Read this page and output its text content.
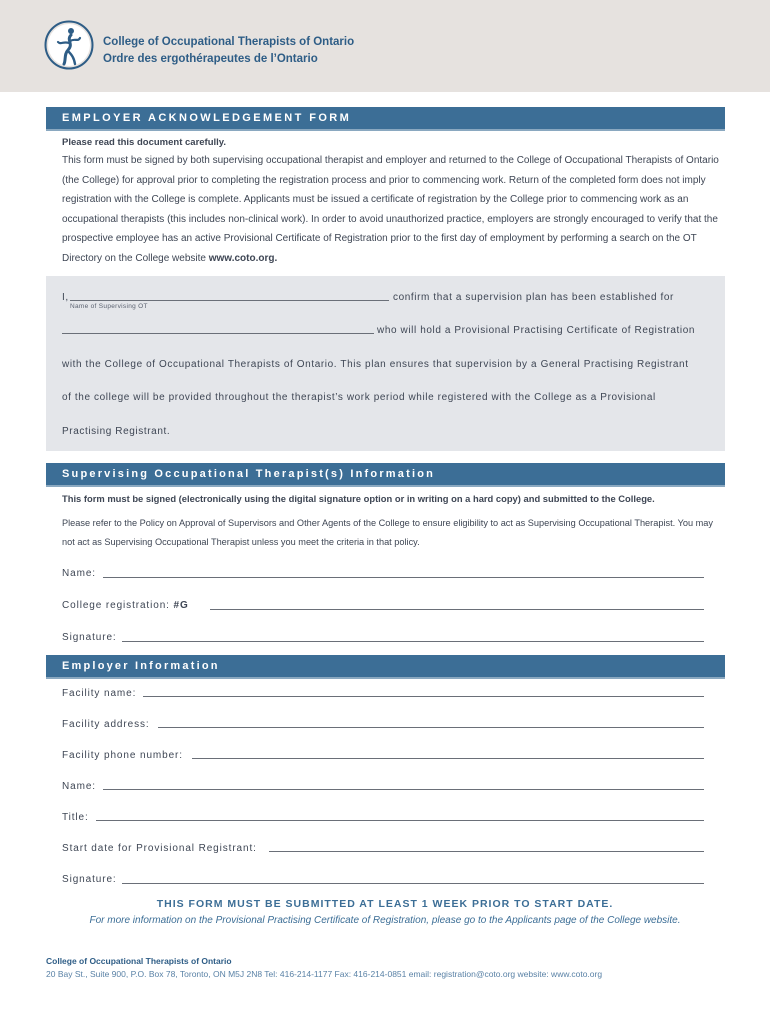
College of Occupational Therapists of Ontario
Ordre des ergothérapeutes de l’Ontario
EMPLOYER ACKNOWLEDGEMENT FORM
Please read this document carefully.
This form must be signed by both supervising occupational therapist and employer and returned to the College of Occupational Therapists of Ontario (the College) for approval prior to completing the registration process and prior to commencing work. Return of the completed form does not imply registration with the College is complete. Applicants must be issued a certificate of registration by the College prior to commencing work as an occupational therapists (this includes non-clinical work). In order to avoid unauthorized practice, employers are strongly encouraged to verify that the prospective employee has an active Provisional Certificate of Registration prior to the first day of employment by performing a search on the OT Directory on the College website www.coto.org.
I,
Name of Supervising OT
confirm that a supervision plan has been established for
who will hold a Provisional Practising Certificate of Registration
with the College of Occupational Therapists of Ontario. This plan ensures that supervision by a General Practising Registrant
of the college will be provided throughout the therapist’s work period while registered with the College as a Provisional
Practising Registrant.
Supervising Occupational Therapist(s) Information
This form must be signed (electronically using the digital signature option or in writing on a hard copy) and submitted to the College.
Please refer to the Policy on Approval of Supervisors and Other Agents of the College to ensure eligibility to act as Supervising Occupational Therapist. You may not act as Supervising Occupational Therapist unless you meet the criteria in that policy.
Name:
College registration: #G
Signature:
Employer Information
Facility name:
Facility address:
Facility phone number:
Name:
Title:
Start date for Provisional Registrant:
Signature:
THIS FORM MUST BE SUBMITTED AT LEAST 1 WEEK PRIOR TO START DATE.
For more information on the Provisional Practising Certificate of Registration, please go to the Applicants page of the College website.
College of Occupational Therapists of Ontario
20 Bay St., Suite 900, P.O. Box 78, Toronto, ON M5J 2N8 Tel: 416-214-1177 Fax: 416-214-0851 email: registration@coto.org website: www.coto.org
